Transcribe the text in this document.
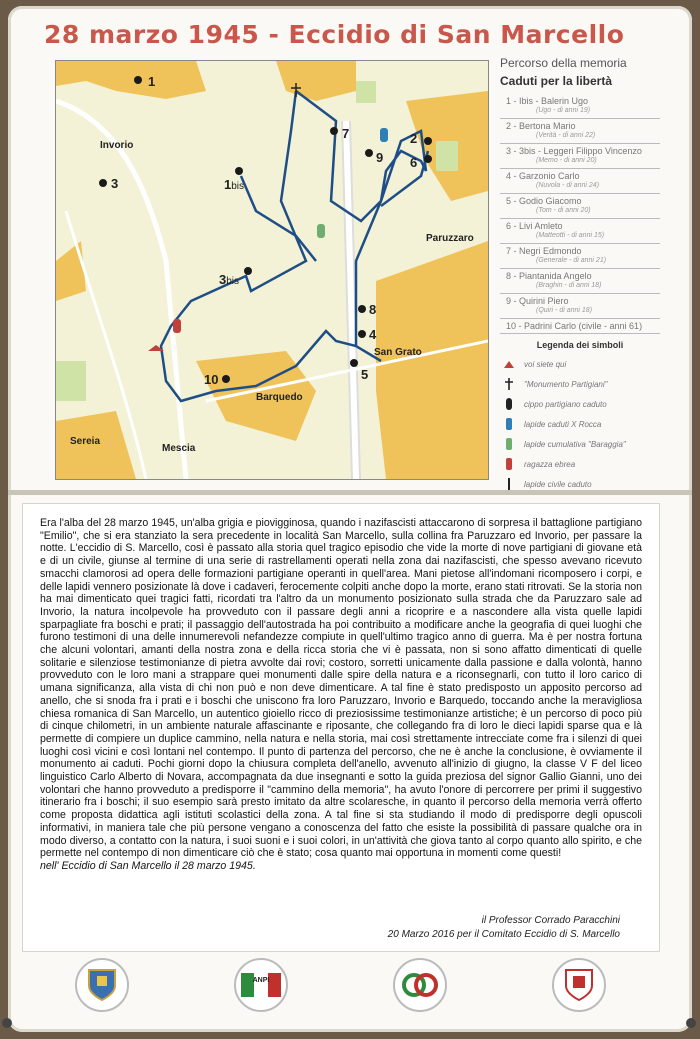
28 marzo 1945 - Eccidio di San Marcello
1
1bis
2
3
3bis
4
5
6
7
8
9
10
Invorio
Paruzzaro
San Grato
Barquedo
Mescia
Sereia
Percorso della memoria
Caduti per la libertà
1 - Ibis - Balerin Ugo
(Ugo - di anni 19)
2 - Bertona Mario
(Verità - di anni 22)
3 - 3bis - Leggeri Filippo Vincenzo
(Memo - di anni 20)
4 - Garzonio Carlo
(Nuvola - di anni 24)
5 - Godio Giacomo
(Tom - di anni 20)
6 - Livi Amleto
(Matteotti - di anni 15)
7 - Negri Edmondo
(Generale - di anni 21)
8 - Piantanida Angelo
(Braghin - di anni 18)
9 - Quirini Piero
(Quiri - di anni 18)
10 - Padrini Carlo (civile - anni 61)
Legenda dei simboli
voi siete qui
"Monumento Partigiani"
cippo partigiano caduto
lapide caduti X Rocca
lapide cumulativa "Baraggia"
ragazza ebrea
lapide civile caduto
Era l'alba del 28 marzo 1945, un'alba grigia e piovigginosa, quando i nazifascisti attaccarono di sorpresa il battaglione partigiano "Emilio", che si era stanziato la sera precedente in località San Marcello, sulla collina fra Paruzzaro ed Invorio, per passare la notte. L'eccidio di S. Marcello, così è passato alla storia quel tragico episodio che vide la morte di nove partigiani di giovane età e di un civile, giunse al termine di una serie di rastrellamenti operati nella zona dai nazifascisti, che spesso avevano ricevuto smacchi clamorosi ad opera delle formazioni partigiane operanti in quell'area. Mani pietose all'indomani ricomposero i corpi, e delle lapidi vennero posizionate là dove i cadaveri, ferocemente colpiti anche dopo la morte, erano stati ritrovati. Se la storia non ha mai dimenticato quei tragici fatti, ricordati tra l'altro da un monumento posizionato sulla strada che da Paruzzaro sale ad Invorio, la natura incolpevole ha provveduto con il passare degli anni a ricoprire e a nascondere alla vista quelle lapidi sparpagliate fra boschi e prati; il passaggio dell'autostrada ha poi contribuito a modificare anche la geografia di quei luoghi che furono testimoni di una delle innumerevoli nefandezze compiute in quell'ultimo tragico anno di guerra. Ma è per nostra fortuna che alcuni volontari, amanti della nostra zona e della ricca storia che vi è passata, non si sono affatto dimenticati di quelle solitarie e silenziose testimonianze di pietra avvolte dai rovi; costoro, sorretti unicamente dalla passione e dalla volontà, hanno provveduto con le loro mani a strappare quei monumenti dalle spire della natura e a riconsegnarli, con tutto il loro carico di umana significanza, alla vista di chi non può e non deve dimenticare. A tal fine è stato predisposto un apposito percorso ad anello, che si snoda fra i prati e i boschi che uniscono fra loro Paruzzaro, Invorio e Barquedo, toccando anche la meravigliosa chiesa romanica di San Marcello, un autentico gioiello ricco di preziosissime testimonianze artistiche; è un percorso di poco più di cinque chilometri, in un ambiente naturale affascinante e riposante, che collegando fra di loro le dieci lapidi sparse qua e là permette di compiere un duplice cammino, nella natura e nella storia, mai così strettamente intrecciate come fra i silenzi di quei luoghi così vicini e così lontani nel contempo. Il punto di partenza del percorso, che ne è anche la conclusione, è ovviamente il monumento ai caduti. Pochi giorni dopo la chiusura completa dell'anello, avvenuto all'inizio di giugno, la classe V F del liceo linguistico Carlo Alberto di Novara, accompagnata da due insegnanti e sotto la guida preziosa del signor Gallio Gianni, uno dei volontari che hanno provveduto a predisporre il "cammino della memoria", ha avuto l'onore di percorrere per primi il suggestivo itinerario fra i boschi; il suo esempio sarà presto imitato da altre scolaresche, in quanto il percorso della memoria verrà offerto come proposta didattica agli istituti scolastici della zona. A tal fine si sta studiando il modo di predisporre degli opuscoli informativi, in maniera tale che più persone vengano a conoscenza del fatto che esiste la possibilità di passare qualche ora in modo diverso, a contatto con la natura, i suoi suoni e i suoi colori, in un'attività che giova tanto al corpo quanto allo spirito, e che permette nel contempo di non dimenticare ciò che è stato; cosa quanto mai opportuna in momenti come questi!
nell' Eccidio di San Marcello il 28 marzo 1945.
il Professor Corrado Paracchini
20 Marzo 2016 per il Comitato Eccidio di S. Marcello
ANPI
